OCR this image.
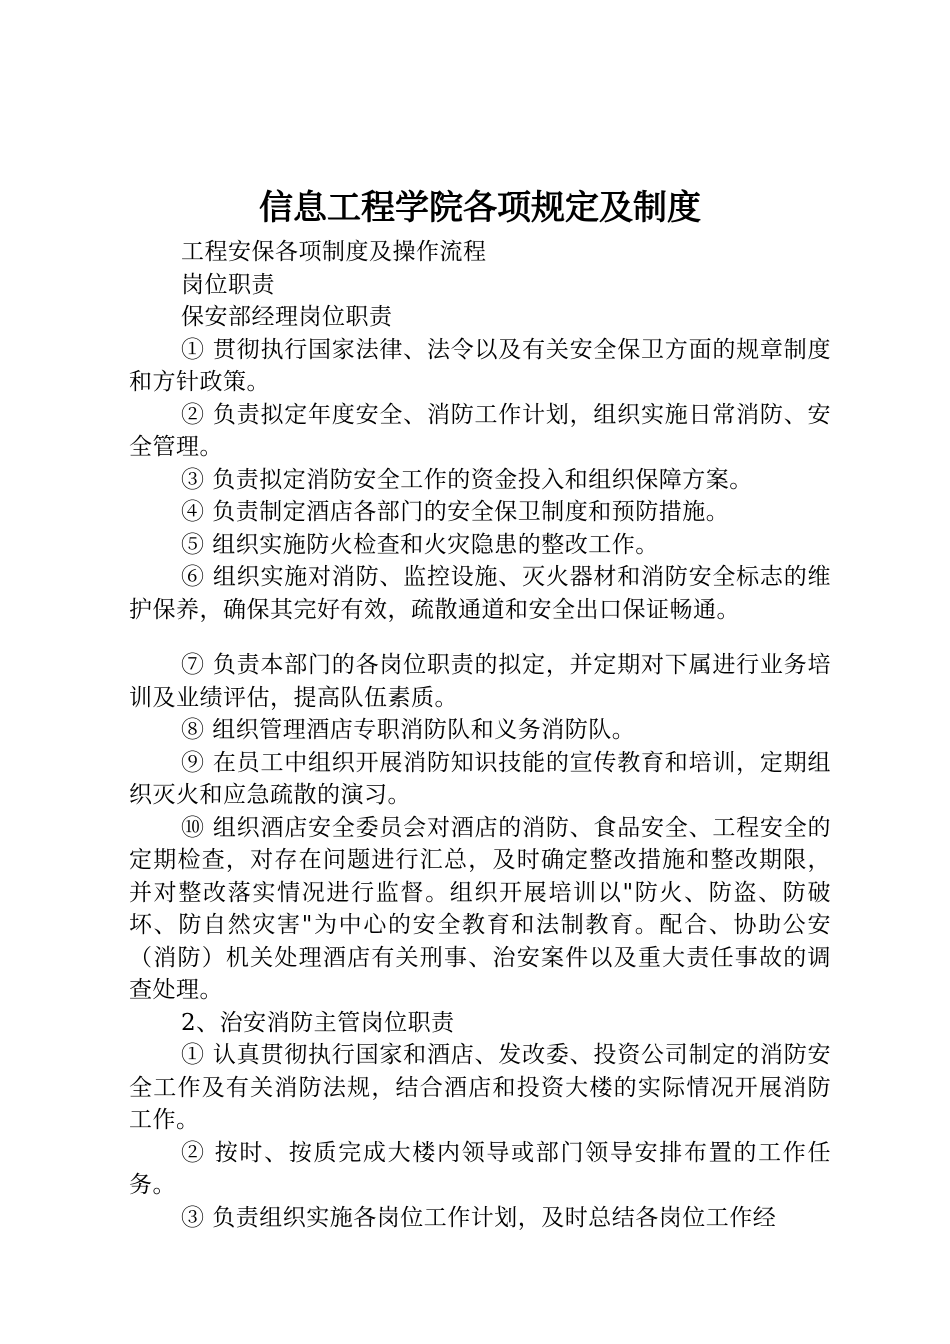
信息工程学院各项规定及制度

工程安保各项制度及操作流程

岗位职责

保安部经理岗位职责

① 贯彻执行国家法律、法令以及有关安全保卫方面的规章制度和方针政策。

② 负责拟定年度安全、消防工作计划，组织实施日常消防、安全管理。

③ 负责拟定消防安全工作的资金投入和组织保障方案。

④ 负责制定酒店各部门的安全保卫制度和预防措施。

⑤ 组织实施防火检查和火灾隐患的整改工作。

⑥ 组织实施对消防、监控设施、灭火器材和消防安全标志的维护保养，确保其完好有效，疏散通道和安全出口保证畅通。

⑦ 负责本部门的各岗位职责的拟定，并定期对下属进行业务培训及业绩评估，提高队伍素质。

⑧ 组织管理酒店专职消防队和义务消防队。

⑨ 在员工中组织开展消防知识技能的宣传教育和培训，定期组织灭火和应急疏散的演习。

⑩ 组织酒店安全委员会对酒店的消防、食品安全、工程安全的定期检查，对存在问题进行汇总，及时确定整改措施和整改期限，并对整改落实情况进行监督。组织开展培训以"防火、防盗、防破坏、防自然灾害"为中心的安全教育和法制教育。配合、协助公安（消防）机关处理酒店有关刑事、治安案件以及重大责任事故的调查处理。

2、治安消防主管岗位职责

① 认真贯彻执行国家和酒店、发改委、投资公司制定的消防安全工作及有关消防法规，结合酒店和投资大楼的实际情况开展消防工作。

② 按时、按质完成大楼内领导或部门领导安排布置的工作任务。

③ 负责组织实施各岗位工作计划，及时总结各岗位工作经
